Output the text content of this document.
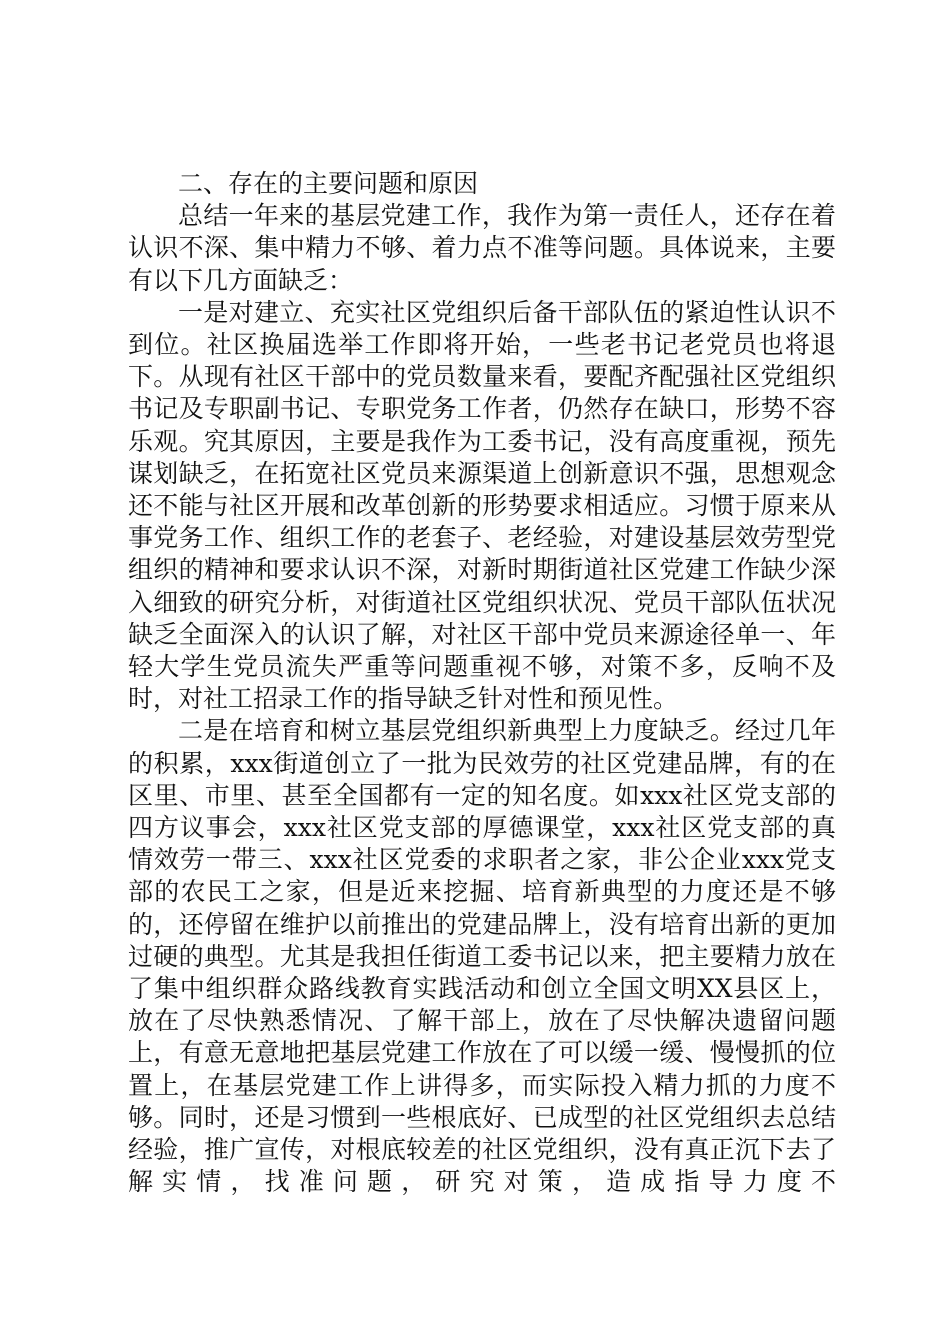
二、存在的主要问题和原因

总结一年来的基层党建工作，我作为第一责任人，还存在着认识不深、集中精力不够、着力点不准等问题。具体说来，主要有以下几方面缺乏：

一是对建立、充实社区党组织后备干部队伍的紧迫性认识不到位。社区换届选举工作即将开始，一些老书记老党员也将退下。从现有社区干部中的党员数量来看，要配齐配强社区党组织书记及专职副书记、专职党务工作者，仍然存在缺口，形势不容乐观。究其原因，主要是我作为工委书记，没有高度重视，预先谋划缺乏，在拓宽社区党员来源渠道上创新意识不强，思想观念还不能与社区开展和改革创新的形势要求相适应。习惯于原来从事党务工作、组织工作的老套子、老经验，对建设基层效劳型党组织的精神和要求认识不深，对新时期街道社区党建工作缺少深入细致的研究分析，对街道社区党组织状况、党员干部队伍状况缺乏全面深入的认识了解，对社区干部中党员来源途径单一、年轻大学生党员流失严重等问题重视不够，对策不多，反响不及时，对社工招录工作的指导缺乏针对性和预见性。

二是在培育和树立基层党组织新典型上力度缺乏。经过几年的积累，xxx街道创立了一批为民效劳的社区党建品牌，有的在区里、市里、甚至全国都有一定的知名度。如xxx社区党支部的四方议事会，xxx社区党支部的厚德课堂，xxx社区党支部的真情效劳一带三、xxx社区党委的求职者之家，非公企业xxx党支部的农民工之家，但是近来挖掘、培育新典型的力度还是不够的，还停留在维护以前推出的党建品牌上，没有培育出新的更加过硬的典型。尤其是我担任街道工委书记以来，把主要精力放在了集中组织群众路线教育实践活动和创立全国文明XX县区上，放在了尽快熟悉情况、了解干部上，放在了尽快解决遗留问题上，有意无意地把基层党建工作放在了可以缓一缓、慢慢抓的位置上，在基层党建工作上讲得多，而实际投入精力抓的力度不够。同时，还是习惯到一些根底好、已成型的社区党组织去总结经验，推广宣传，对根底较差的社区党组织，没有真正沉下去了解实情，找准问题，研究对策，造成指导力度不
